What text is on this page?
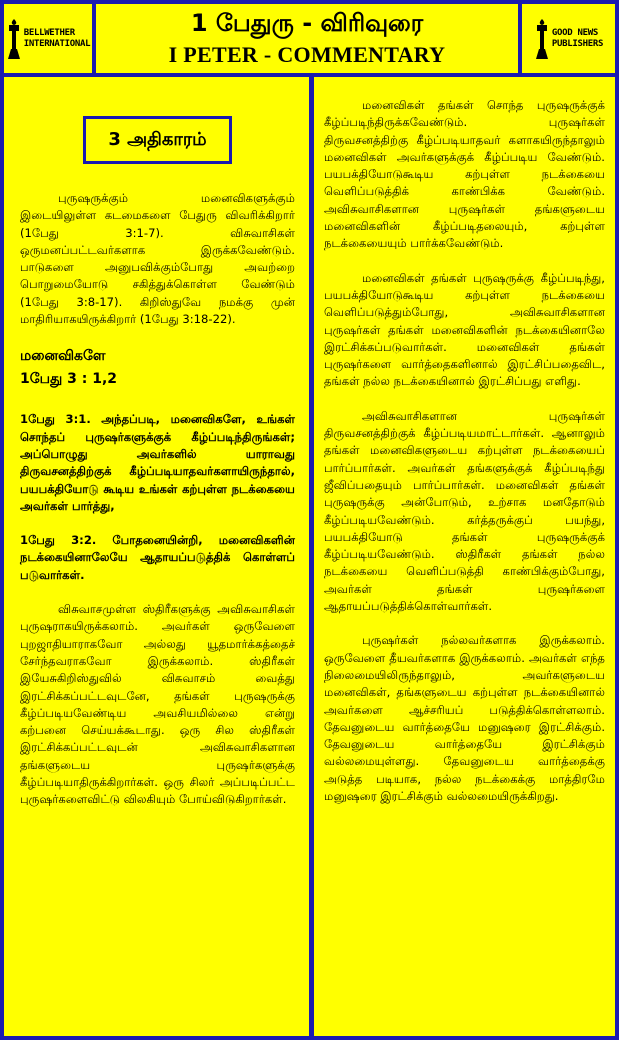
BELLWETHER
INTERNATIONAL
1 பேதுரு - விரிவுரை
I PETER - COMMENTARY
GOOD NEWS
PUBLISHERS
3 அதிகாரம்

புருஷருக்கும் மனைவிகளுக்கும் இடையிலுள்ள கடமைகளை பேதுரு விவரிக்கிறார் (1பேது 3:1-7). விசுவாசிகள் ஒருமனப்பட்டவர்களாக இருக்கவேண்டும். பாடுகளை அனுபவிக்கும்போது அவற்றை பொறுமையோடு சகித்துக்கொள்ள வேண்டும் (1பேது 3:8-17). கிறிஸ்துவே நமக்கு முன் மாதிரியாகயிருக்கிறார் (1பேது 3:18-22).

மனைவிகளே
1பேது 3 : 1,2

1பேது 3:1. அந்தப்படி, மனைவிகளே, உங்கள் சொந்தப் புருஷர்களுக்குக் கீழ்ப்படிந்திருங்கள்; அப்பொழுது அவர்களில் யாராவது திருவசனத்திற்குக் கீழ்ப்படியாதவர்களாயிருந்தால், பயபக்தியோடு கூடிய உங்கள் கற்புள்ள நடக்கையை அவர்கள் பார்த்து,

1பேது 3:2. போதனையின்றி, மனைவிகளின் நடக்கையினாலேயே ஆதாயப்படுத்திக் கொள்ளப் படுவார்கள்.

விசுவாசமுள்ள ஸ்திரீகளுக்கு அவிசுவாசிகள் புருஷராகயிருக்கலாம். அவர்கள் ஒருவேளை புறஜாதியாராகவோ அல்லது யூதமார்க்கத்தைச் சேர்ந்தவராகவோ இருக்கலாம். ஸ்திரீகள் இயேசுகிறிஸ்துவில் விசுவாசம் வைத்து இரட்சிக்கப்பட்டவுடனே, தங்கள் புருஷருக்கு கீழ்ப்படியவேண்டிய அவசியமில்லை என்று கற்பனை செய்யக்கூடாது. ஒரு சில ஸ்திரீகள் இரட்சிக்கப்பட்டவுடன் அவிசுவாசிகளான தங்களுடைய புருஷர்களுக்கு கீழ்ப்படியாதிருக்கிறார்கள். ஒரு சிலர் அப்படிப்பட்ட புருஷர்களைவிட்டு விலகியும் போய்விடுகிறார்கள்.

மனைவிகள் தங்கள் சொந்த புருஷருக்குக் கீழ்ப்படிந்திருக்கவேண்டும். புருஷர்கள் திருவசனத்திற்கு கீழ்ப்படியாதவர் களாகயிருந்தாலும் மனைவிகள் அவர்களுக்குக் கீழ்ப்படிய வேண்டும். பயபக்தியோடுகூடிய கற்புள்ள நடக்கையை வெளிப்படுத்திக் காண்பிக்க வேண்டும். அவிசுவாசிகளான புருஷர்கள் தங்களுடைய மனைவிகளின் கீழ்ப்படிதலையும், கற்புள்ள நடக்கையையும் பார்க்கவேண்டும்.

மனைவிகள் தங்கள் புருஷருக்கு கீழ்ப்படிந்து, பயபக்தியோடுகூடிய கற்புள்ள நடக்கையை வெளிப்படுத்தும்போது, அவிசுவாசிகளான புருஷர்கள் தங்கள் மனைவிகளின் நடக்கையினாலே இரட்சிக்கப்படுவார்கள். மனைவிகள் தங்கள் புருஷர்களை வார்த்தைகளினால் இரட்சிப்பதைவிட, தங்கள் நல்ல நடக்கையினால் இரட்சிப்பது எளிது.

அவிசுவாசிகளான புருஷர்கள் திருவசனத்திற்குக் கீழ்ப்படியமாட்டார்கள். ஆனாலும் தங்கள் மனைவிகளுடைய கற்புள்ள நடக்கையைப் பார்ப்பார்கள். அவர்கள் தங்களுக்குக் கீழ்ப்படிந்து ஜீவிப்பதையும் பார்ப்பார்கள். மனைவிகள் தங்கள் புருஷருக்கு அன்போடும், உற்சாக மனதோடும் கீழ்ப்படியவேண்டும். கர்த்தருக்குப் பயந்து, பயபக்தியோடு தங்கள் புருஷருக்குக் கீழ்ப்படியவேண்டும். ஸ்திரீகள் தங்கள் நல்ல நடக்கையை வெளிப்படுத்தி காண்பிக்கும்போது, அவர்கள் தங்கள் புருஷர்களை ஆதாயப்படுத்திக்கொள்வார்கள்.

புருஷர்கள் நல்லவர்களாக இருக்கலாம். ஒருவேளை தீயவர்களாக இருக்கலாம். அவர்கள் எந்த நிலைமையிலிருந்தாலும், அவர்களுடைய மனைவிகள், தங்களுடைய கற்புள்ள நடக்கையினால் அவர்களை ஆச்சரியப் படுத்திக்கொள்ளலாம். தேவனுடைய வார்த்தையே மனுஷரை இரட்சிக்கும். தேவனுடைய வார்த்தையே இரட்சிக்கும் வல்லமையுள்ளது. தேவனுடைய வார்த்தைக்கு அடுத்த படியாக, நல்ல நடக்கைக்கு மாத்திரமே மனுஷரை இரட்சிக்கும் வல்லமையிருக்கிறது.
